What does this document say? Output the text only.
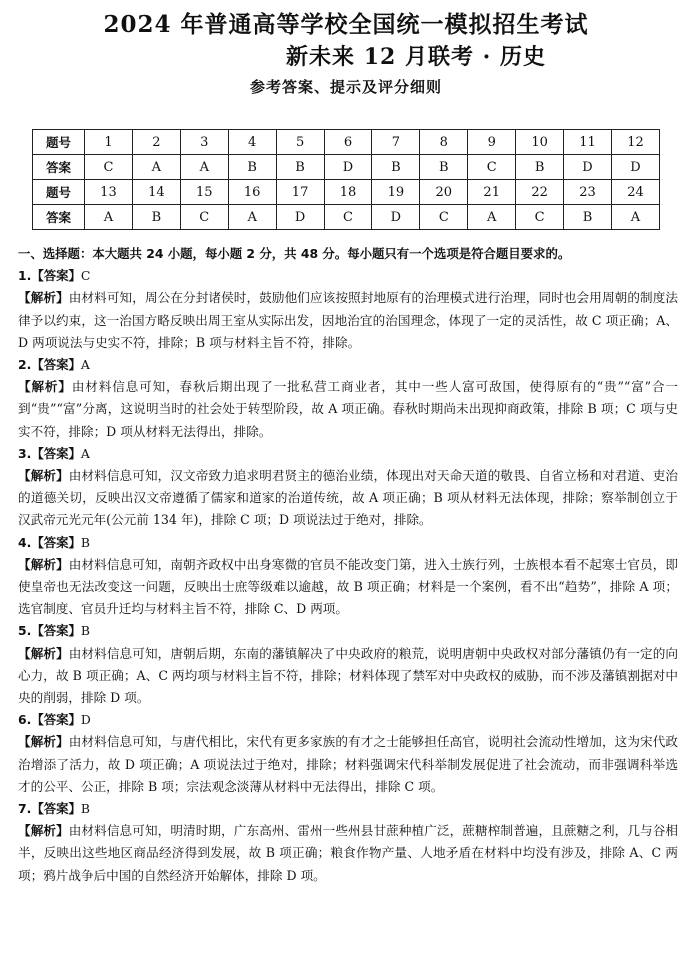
2024 年普通高等学校全国统一模拟招生考试
新未来 12 月联考 · 历史
参考答案、提示及评分细则
题号	1	2	3	4	5	6	7	8	9	10	11	12
答案	C	A	A	B	B	D	B	B	C	B	D	D
题号	13	14	15	16	17	18	19	20	21	22	23	24
答案	A	B	C	A	D	C	D	C	A	C	B	A
一、选择题：本大题共 24 小题，每小题 2 分，共 48 分。每小题只有一个选项是符合题目要求的。
1.【答案】C
【解析】由材料可知，周公在分封诸侯时，鼓励他们应该按照封地原有的治理模式进行治理，同时也会用周朝的制度法律予以约束，这一治国方略反映出周王室从实际出发，因地治宜的治国理念，体现了一定的灵活性，故 C 项正确；A、D 两项说法与史实不符，排除；B 项与材料主旨不符，排除。
2.【答案】A
【解析】由材料信息可知，春秋后期出现了一批私营工商业者，其中一些人富可敌国，使得原有的“贵”“富”合一到“贵”“富”分离，这说明当时的社会处于转型阶段，故 A 项正确。春秋时期尚未出现抑商政策，排除 B 项；C 项与史实不符，排除；D 项从材料无法得出，排除。
3.【答案】A
【解析】由材料信息可知，汉文帝致力追求明君贤主的德治业绩，体现出对天命天道的敬畏、自省立杨和对君道、吏治的道德关切，反映出汉文帝遵循了儒家和道家的治道传统，故 A 项正确；B 项从材料无法体现，排除；察举制创立于汉武帝元光元年(公元前 134 年)，排除 C 项；D 项说法过于绝对，排除。
4.【答案】B
【解析】由材料信息可知，南朝齐政权中出身寒微的官员不能改变门第，进入士族行列，士族根本看不起寒士官员，即使皇帝也无法改变这一问题，反映出士庶等级难以逾越，故 B 项正确；材料是一个案例，看不出“趋势”，排除 A 项；选官制度、官员升迁均与材料主旨不符，排除 C、D 两项。
5.【答案】B
【解析】由材料信息可知，唐朝后期，东南的藩镇解决了中央政府的粮荒，说明唐朝中央政权对部分藩镇仍有一定的向心力，故 B 项正确；A、C 两均项与材料主旨不符，排除；材料体现了禁军对中央政权的威胁，而不涉及藩镇割据对中央的削弱，排除 D 项。
6.【答案】D
【解析】由材料信息可知，与唐代相比，宋代有更多家族的有才之士能够担任高官，说明社会流动性增加，这为宋代政治增添了活力，故 D 项正确；A 项说法过于绝对，排除；材料强调宋代科举制发展促进了社会流动，而非强调科举选才的公平、公正，排除 B 项；宗法观念淡薄从材料中无法得出，排除 C 项。
7.【答案】B
【解析】由材料信息可知，明清时期，广东高州、雷州一些州县甘蔗种植广泛，蔗糖榨制普遍，且蔗糖之利，几与谷相半，反映出这些地区商品经济得到发展，故 B 项正确；粮食作物产量、人地矛盾在材料中均没有涉及，排除 A、C 两项；鸦片战争后中国的自然经济开始解体，排除 D 项。
